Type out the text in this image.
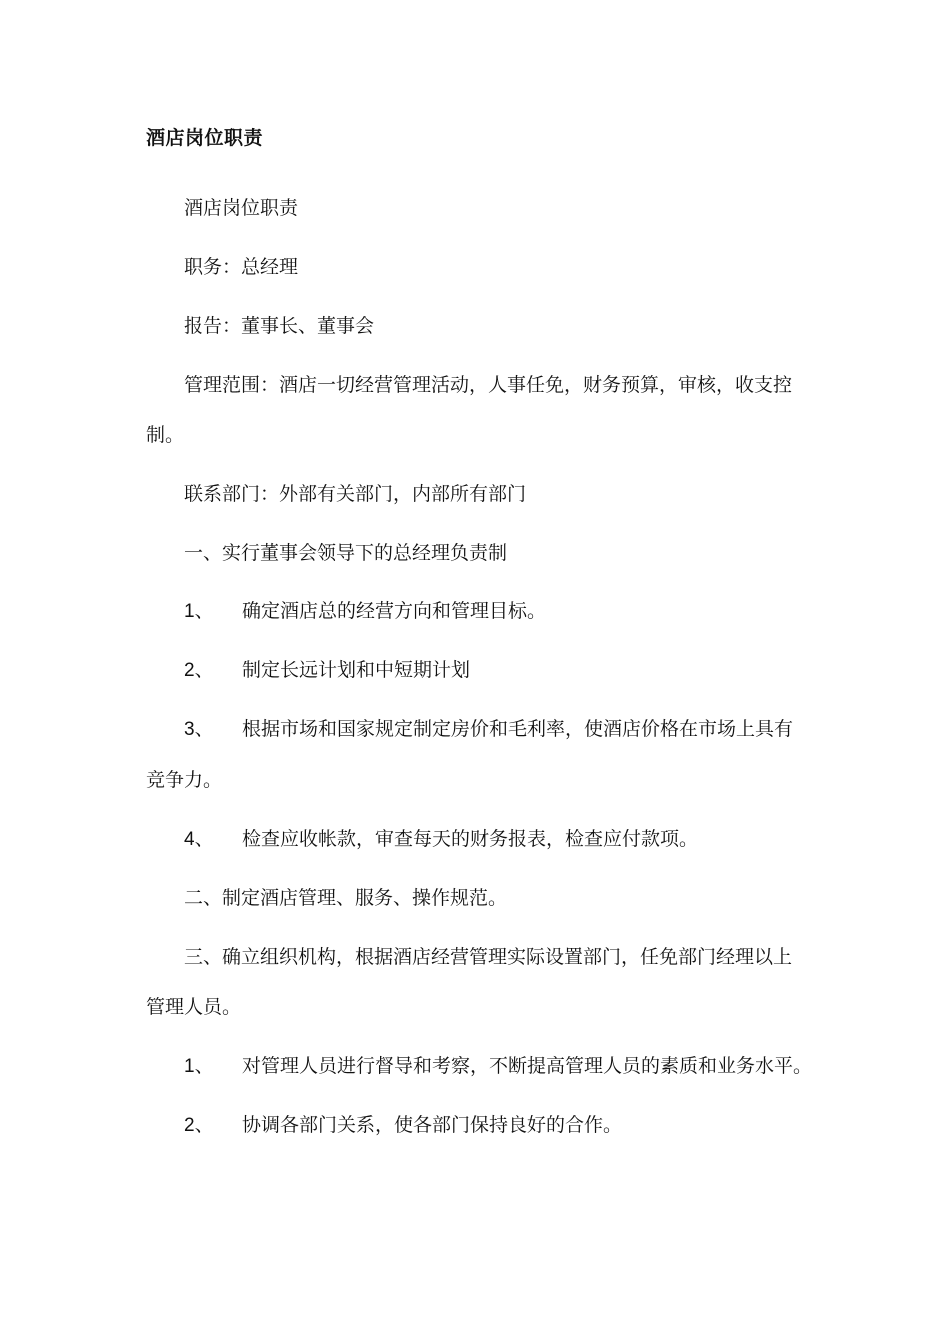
酒店岗位职责
酒店岗位职责
职务：总经理
报告：董事长、董事会
管理范围：酒店一切经营管理活动，人事任免，财务预算，审核，收支控
制。
联系部门：外部有关部门，内部所有部门
一、实行董事会领导下的总经理负责制
1、 确定酒店总的经营方向和管理目标。
2、 制定长远计划和中短期计划
3、 根据市场和国家规定制定房价和毛利率，使酒店价格在市场上具有
竞争力。
4、 检查应收帐款，审查每天的财务报表，检查应付款项。
二、制定酒店管理、服务、操作规范。
三、确立组织机构，根据酒店经营管理实际设置部门，任免部门经理以上
管理人员。
1、 对管理人员进行督导和考察，不断提高管理人员的素质和业务水平。
2、 协调各部门关系，使各部门保持良好的合作。
